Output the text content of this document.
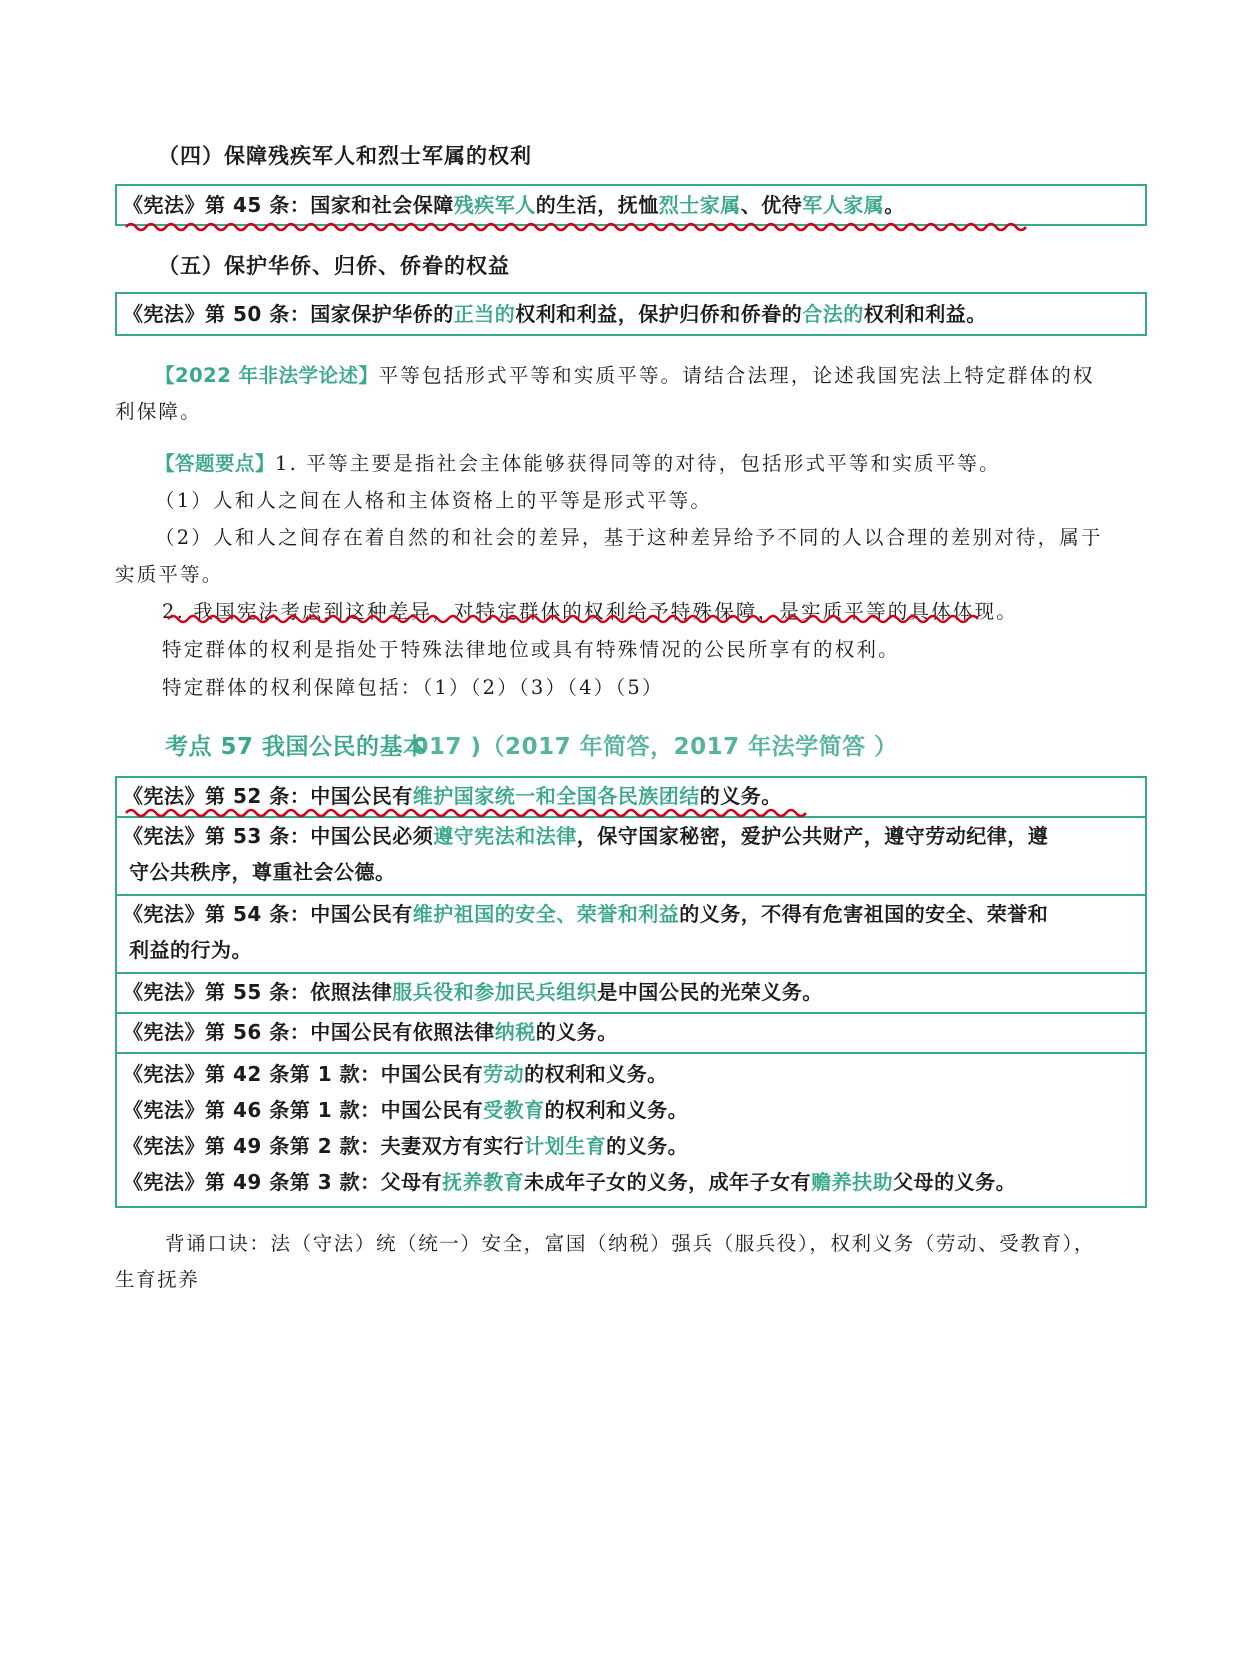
（四）保障残疾军人和烈士军属的权利
《宪法》第 45 条：国家和社会保障残疾军人的生活，抚恤烈士家属、优待军人家属。
（五）保护华侨、归侨、侨眷的权益
《宪法》第 50 条：国家保护华侨的正当的权利和利益，保护归侨和侨眷的合法的权利和利益。
【2022 年非法学论述】平等包括形式平等和实质平等。请结合法理，论述我国宪法上特定群体的权
利保障。
【答题要点】1. 平等主要是指社会主体能够获得同等的对待，包括形式平等和实质平等。
（1）人和人之间在人格和主体资格上的平等是形式平等。
（2）人和人之间存在着自然的和社会的差异，基于这种差异给予不同的人以合理的差别对待，属于
实质平等。
2. 我国宪法考虑到这种差异，对特定群体的权利给予特殊保障，是实质平等的具体体现。
特定群体的权利是指处于特殊法律地位或具有特殊情况的公民所享有的权利。
特定群体的权利保障包括：（1）（2）（3）（4）（5）
考点 57 我国公民的基本017 )（2017 年简答，2017 年法学简答 ）
《宪法》第 52 条：中国公民有维护国家统一和全国各民族团结的义务。
《宪法》第 53 条：中国公民必须遵守宪法和法律，保守国家秘密，爱护公共财产，遵守劳动纪律，遵
守公共秩序，尊重社会公德。
《宪法》第 54 条：中国公民有维护祖国的安全、荣誉和利益的义务，不得有危害祖国的安全、荣誉和
利益的行为。
《宪法》第 55 条：依照法律服兵役和参加民兵组织是中国公民的光荣义务。
《宪法》第 56 条：中国公民有依照法律纳税的义务。
《宪法》第 42 条第 1 款：中国公民有劳动的权利和义务。
《宪法》第 46 条第 1 款：中国公民有受教育的权利和义务。
《宪法》第 49 条第 2 款：夫妻双方有实行计划生育的义务。
《宪法》第 49 条第 3 款：父母有抚养教育未成年子女的义务，成年子女有赡养扶助父母的义务。
背诵口诀：法（守法）统（统一）安全，富国（纳税）强兵（服兵役），权利义务（劳动、受教育），
生育抚养
